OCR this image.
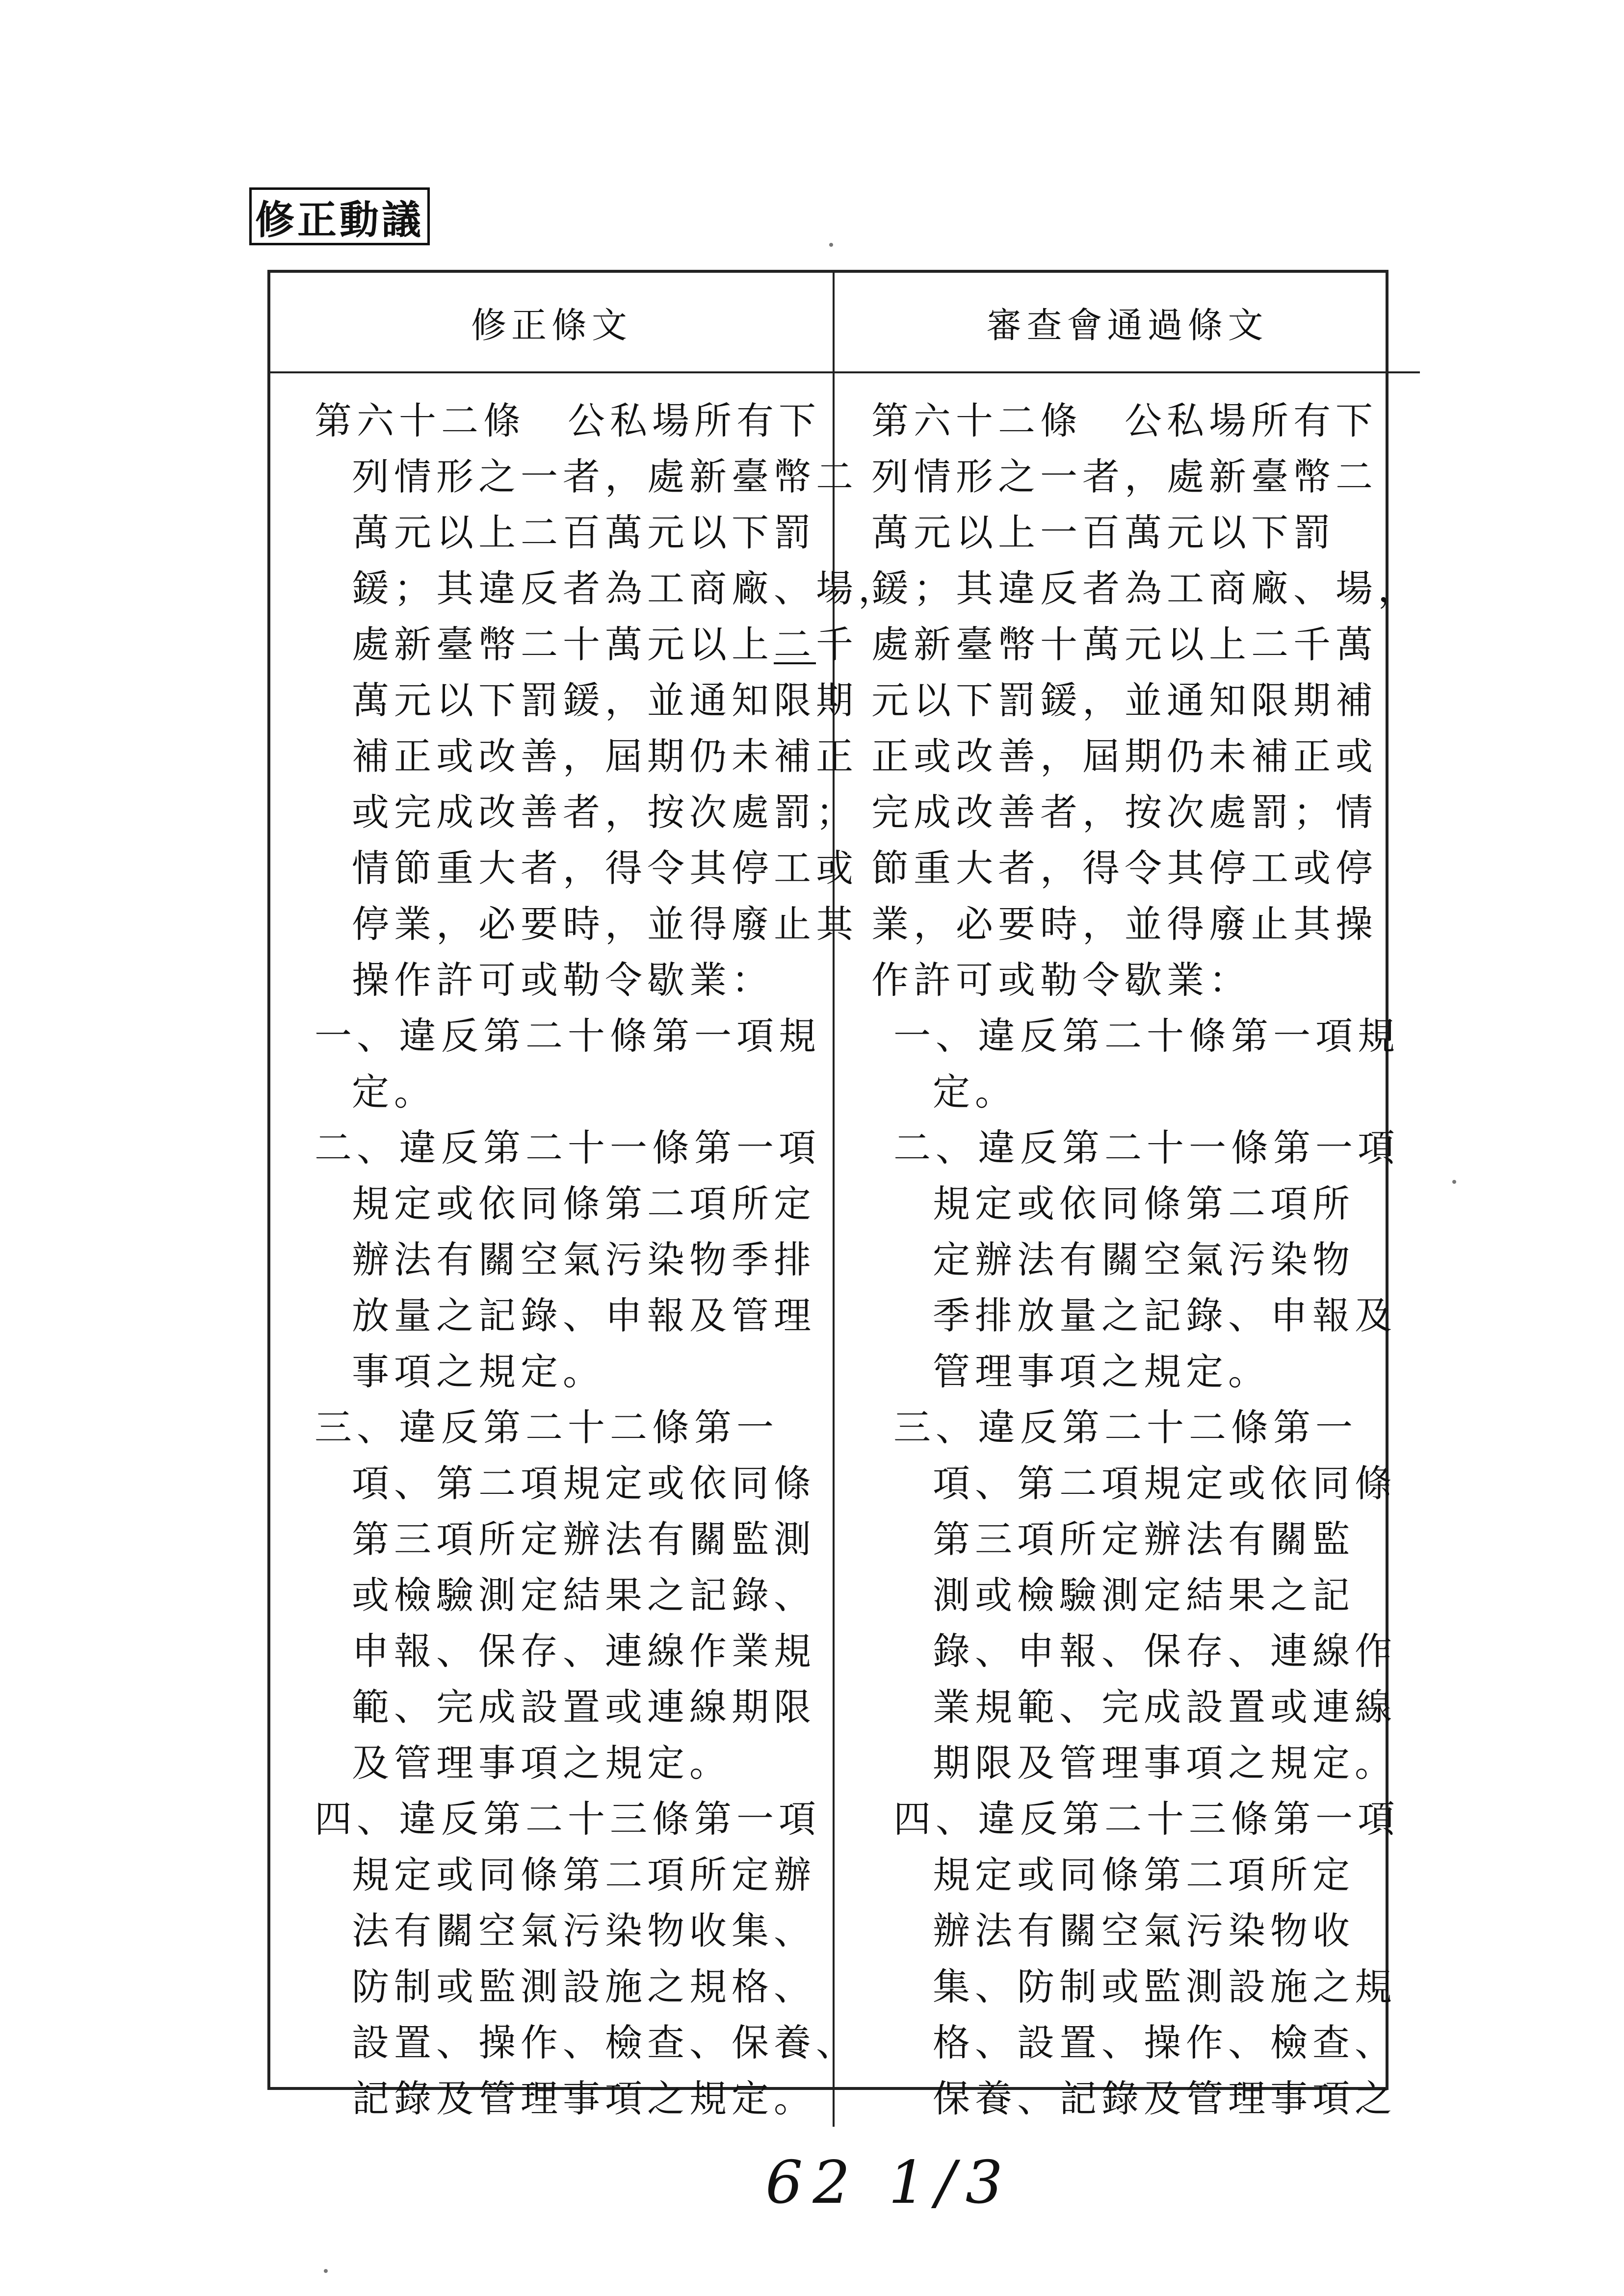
修正動議
修正條文	審查會通過條文
第六十二條　公私場所有下
列情形之一者，處新臺幣二
萬元以上二百萬元以下罰
鍰；其違反者為工商廠、場，
處新臺幣二十萬元以上二千
萬元以下罰鍰，並通知限期
補正或改善，屆期仍未補正
或完成改善者，按次處罰；
情節重大者，得令其停工或
停業，必要時，並得廢止其
操作許可或勒令歇業：
一、違反第二十條第一項規
定。
二、違反第二十一條第一項
規定或依同條第二項所定
辦法有關空氣污染物季排
放量之記錄、申報及管理
事項之規定。
三、違反第二十二條第一
項、第二項規定或依同條
第三項所定辦法有關監測
或檢驗測定結果之記錄、
申報、保存、連線作業規
範、完成設置或連線期限
及管理事項之規定。
四、違反第二十三條第一項
規定或同條第二項所定辦
法有關空氣污染物收集、
防制或監測設施之規格、
設置、操作、檢查、保養、
記錄及管理事項之規定。
第六十二條　公私場所有下
列情形之一者，處新臺幣二
萬元以上一百萬元以下罰
鍰；其違反者為工商廠、場，
處新臺幣十萬元以上二千萬
元以下罰鍰，並通知限期補
正或改善，屆期仍未補正或
完成改善者，按次處罰；情
節重大者，得令其停工或停
業，必要時，並得廢止其操
作許可或勒令歇業：
一、違反第二十條第一項規
定。
二、違反第二十一條第一項
規定或依同條第二項所
定辦法有關空氣污染物
季排放量之記錄、申報及
管理事項之規定。
三、違反第二十二條第一
項、第二項規定或依同條
第三項所定辦法有關監
測或檢驗測定結果之記
錄、申報、保存、連線作
業規範、完成設置或連線
期限及管理事項之規定。
四、違反第二十三條第一項
規定或同條第二項所定
辦法有關空氣污染物收
集、防制或監測設施之規
格、設置、操作、檢查、
保養、記錄及管理事項之
62 1/3
